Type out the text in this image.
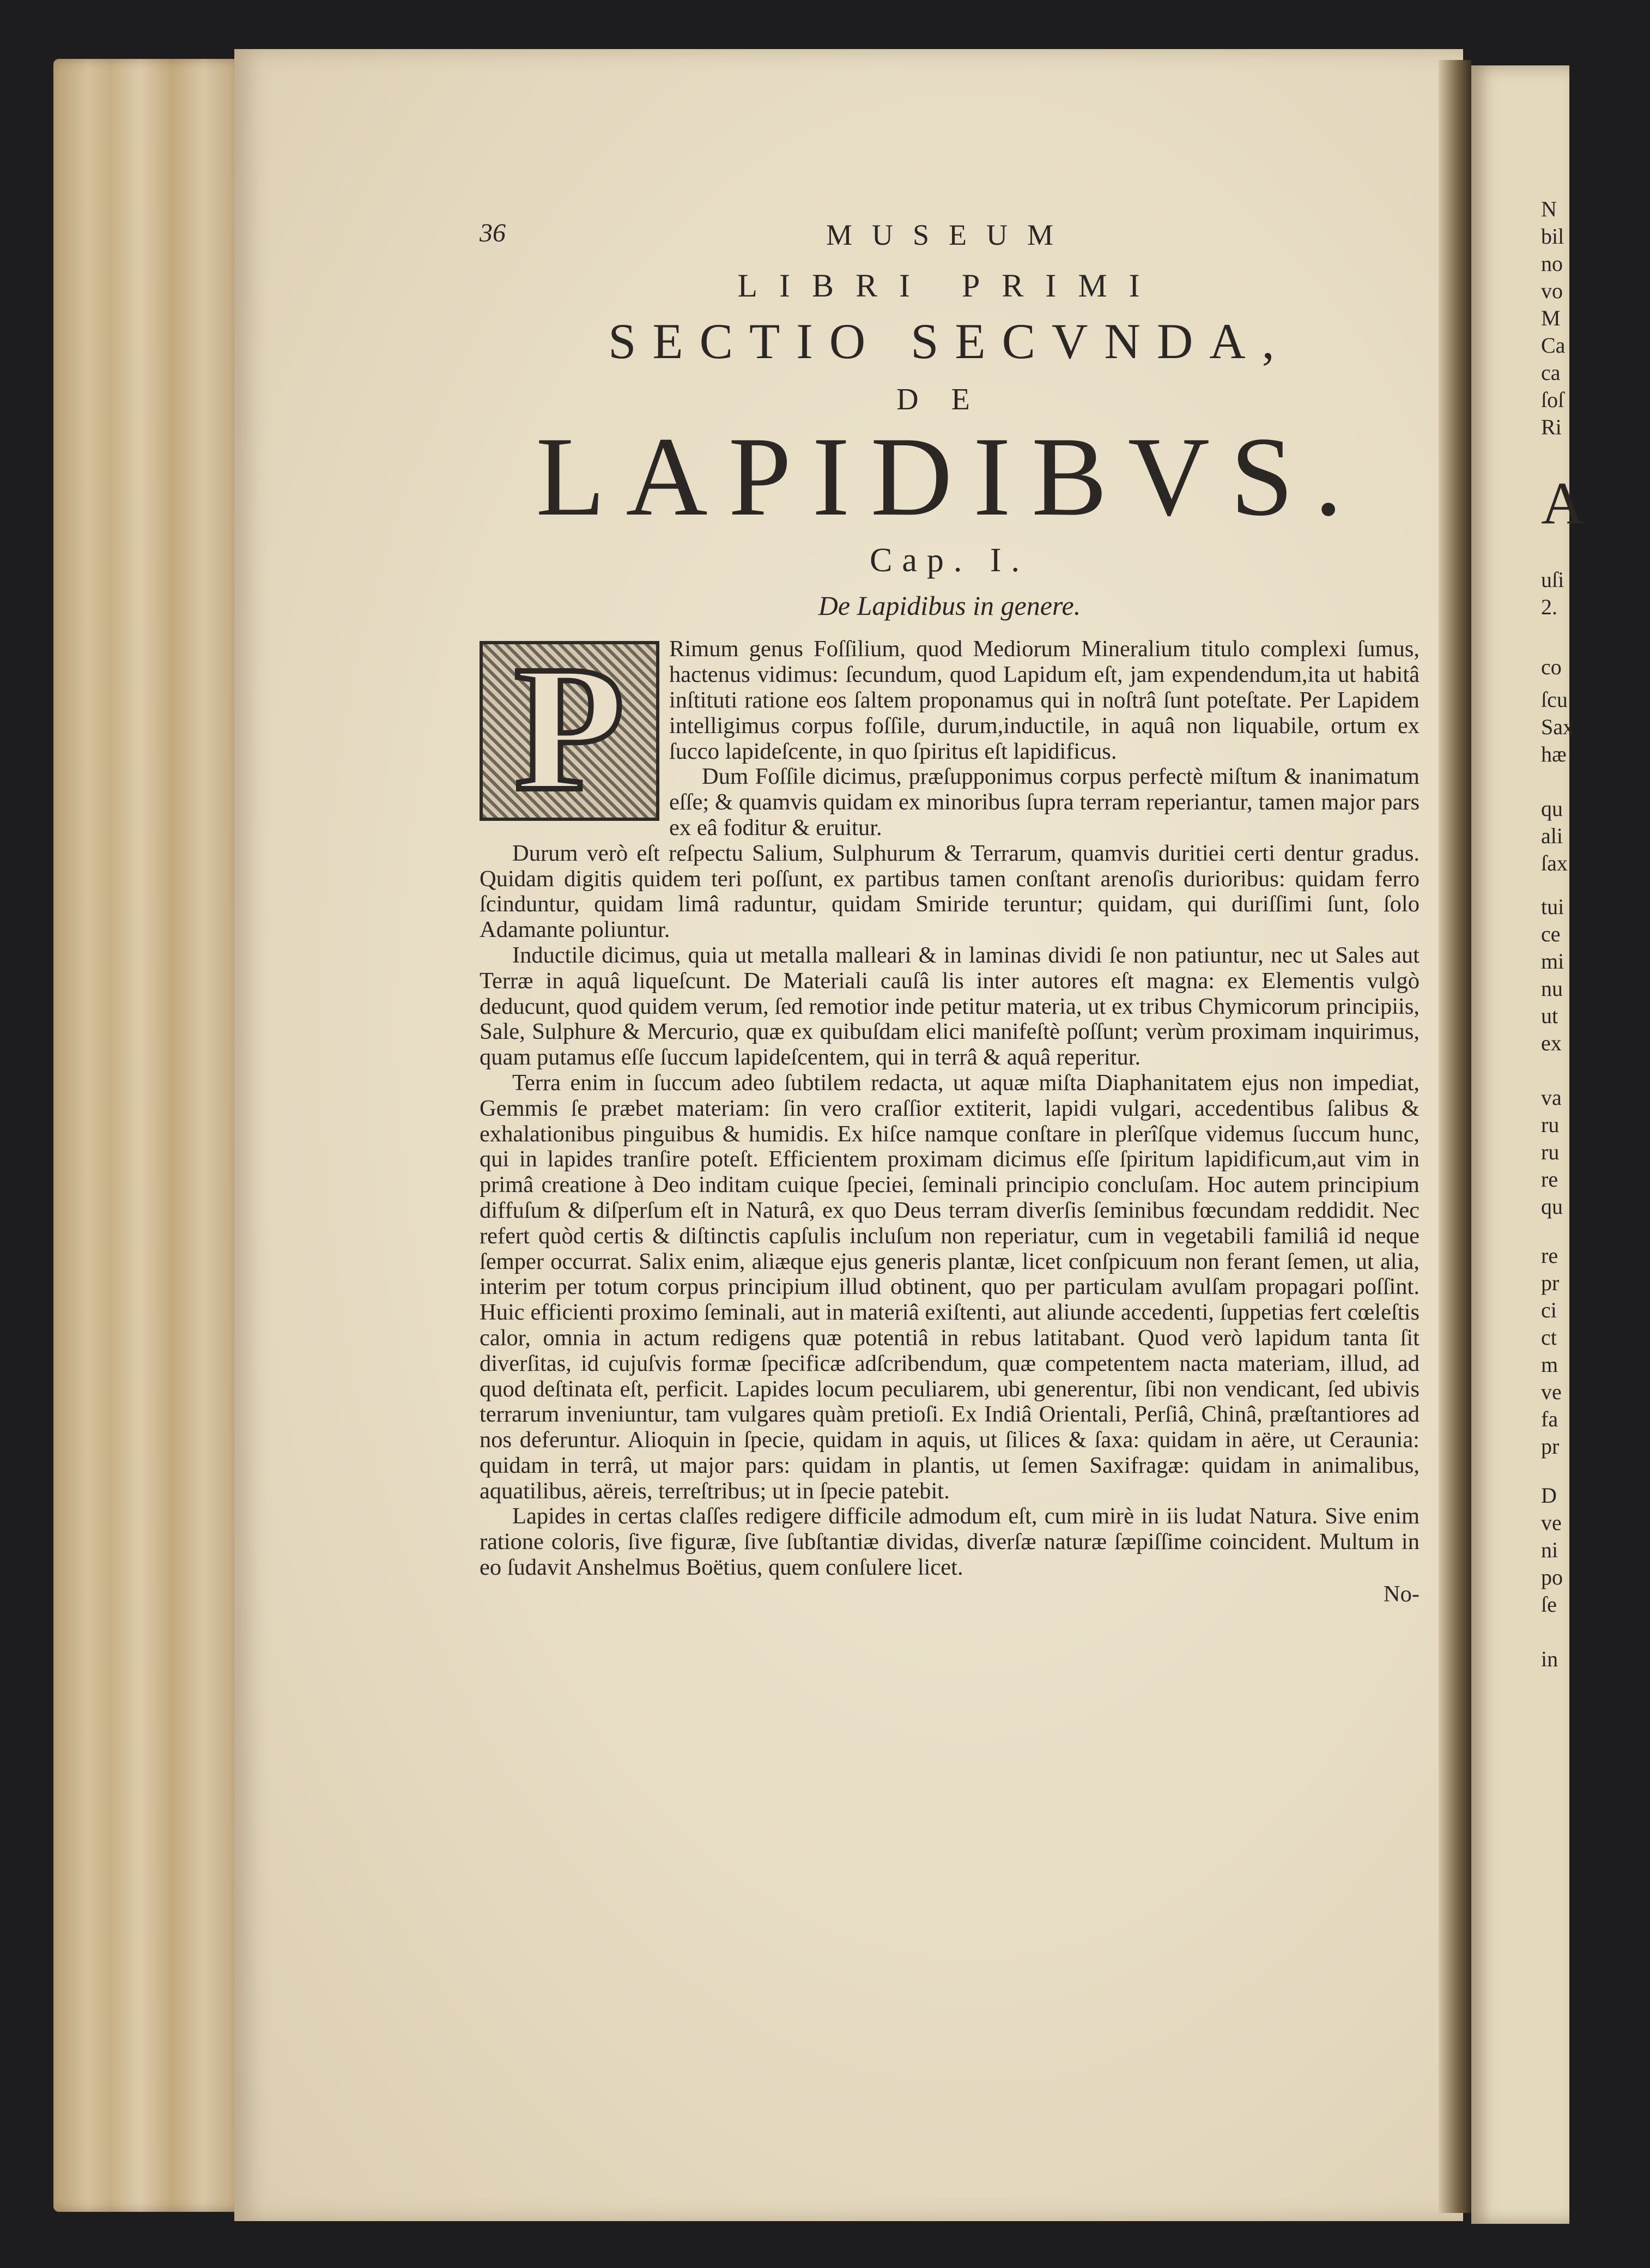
N
bil
no
vo
M
Ca
ca
ſoſ
Ri
A
uſi
2.
co
ſcu
Sax
hæ
qu
ali
ſax
tui
ce
mi
nu
ut
ex
va
ru
ru
re
qu
re
pr
ci
ct
m
ve
fa
pr
D
ve
ni
po
ſe
in
36	MUSEUM
LIBRI PRIMI
SECTIO SECVNDA,
DE
LAPIDIBVS.
Cap. I.
De Lapidibus in genere.
P	Rimum genus Foſſilium, quod Mediorum Mineralium titulo complexi ſumus, hactenus vidimus: ſecundum, quod Lapidum eſt, jam expendendum,ita ut habitâ inſtituti ratione eos ſaltem proponamus qui in noſtrâ ſunt poteſtate. Per Lapidem intelligimus corpus foſſile, durum,inductile, in aquâ non liquabile, ortum ex ſucco lapideſcente, in quo ſpiritus eſt lapidificus.

Dum Foſſile dicimus, præſupponimus corpus perfectè miſtum & inanimatum eſſe; & quamvis quidam ex minoribus ſupra terram reperiantur, tamen major pars ex eâ foditur & eruitur.

Durum verò eſt reſpectu Salium, Sulphurum & Terrarum, quamvis duritiei certi dentur gradus. Quidam digitis quidem teri poſſunt, ex partibus tamen conſtant arenoſis durioribus: quidam ferro ſcinduntur, quidam limâ raduntur, quidam Smiride teruntur; quidam, qui duriſſimi ſunt, ſolo Adamante poliuntur.

Inductile dicimus, quia ut metalla malleari & in laminas dividi ſe non patiuntur, nec ut Sales aut Terræ in aquâ liqueſcunt. De Materiali cauſâ lis inter autores eſt magna: ex Elementis vulgò deducunt, quod quidem verum, ſed remotior inde petitur materia, ut ex tribus Chymicorum principiis, Sale, Sulphure & Mercurio, quæ ex quibuſdam elici manifeſtè poſſunt; verùm proximam inquirimus, quam putamus eſſe ſuccum lapideſcentem, qui in terrâ & aquâ reperitur.

Terra enim in ſuccum adeo ſubtilem redacta, ut aquæ miſta Diaphanitatem ejus non impediat, Gemmis ſe præbet materiam: ſin vero craſſior extiterit, lapidi vulgari, accedentibus ſalibus & exhalationibus pinguibus & humidis. Ex hiſce namque conſtare in plerîſque videmus ſuccum hunc, qui in lapides tranſire poteſt. Efficientem proximam dicimus eſſe ſpiritum lapidificum,aut vim in primâ creatione à Deo inditam cuique ſpeciei, ſeminali principio concluſam. Hoc autem principium diffuſum & diſperſum eſt in Naturâ, ex quo Deus terram diverſis ſeminibus fœcundam reddidit. Nec refert quòd certis & diſtinctis capſulis incluſum non reperiatur, cum in vegetabili familiâ id neque ſemper occurrat. Salix enim, aliæque ejus generis plantæ, licet conſpicuum non ferant ſemen, ut alia, interim per totum corpus principium illud obtinent, quo per particulam avulſam propagari poſſint. Huic efficienti proximo ſeminali, aut in materiâ exiſtenti, aut aliunde accedenti, ſuppetias fert cœleſtis calor, omnia in actum redigens quæ potentiâ in rebus latitabant. Quod verò lapidum tanta ſit diverſitas, id cujuſvis formæ ſpecificæ adſcribendum, quæ competentem nacta materiam, illud, ad quod deſtinata eſt, perficit. Lapides locum peculiarem, ubi generentur, ſibi non vendicant, ſed ubivis terrarum inveniuntur, tam vulgares quàm pretioſi. Ex Indiâ Orientali, Perſiâ, Chinâ, præſtantiores ad nos deferuntur. Alioquin in ſpecie, quidam in aquis, ut ſilices & ſaxa: quidam in aëre, ut Ceraunia: quidam in terrâ, ut major pars: quidam in plantis, ut ſemen Saxifragæ: quidam in animalibus, aquatilibus, aëreis, terreſtribus; ut in ſpecie patebit.

Lapides in certas claſſes redigere difficile admodum eſt, cum mirè in iis ludat Natura. Sive enim ratione coloris, ſive figuræ, ſive ſubſtantiæ dividas, diverſæ naturæ ſæpiſſime coincident. Multum in eo ſudavit Anshelmus Boëtius, quem conſulere licet.

No-
